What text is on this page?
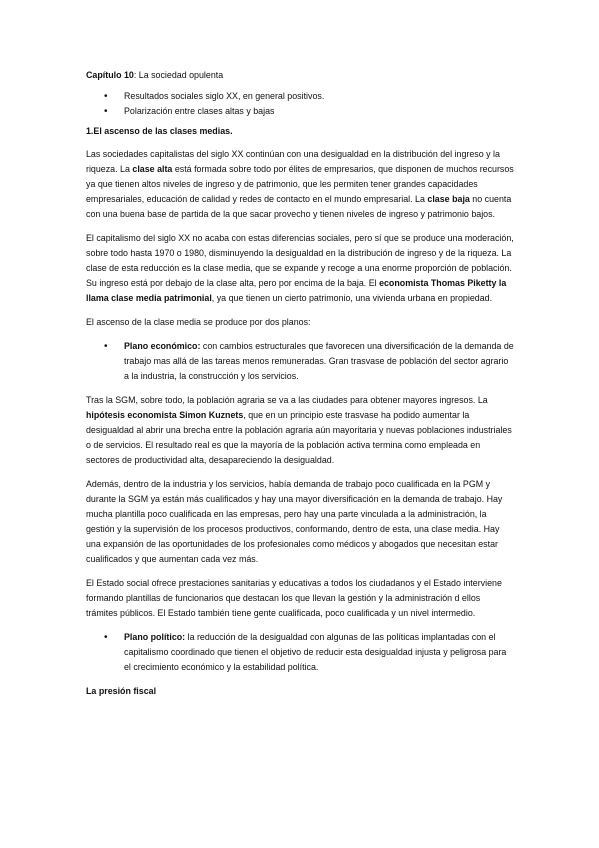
Capítulo 10: La sociedad opulenta

• Resultados sociales siglo XX, en general positivos.
• Polarización entre clases altas y bajas

1.El ascenso de las clases medias.

Las sociedades capitalistas del siglo XX continúan con una desigualdad en la distribución del ingreso y la riqueza. La clase alta está formada sobre todo por élites de empresarios, que disponen de muchos recursos ya que tienen altos niveles de ingreso y de patrimonio, que les permiten tener grandes capacidades empresariales, educación de calidad y redes de contacto en el mundo empresarial. La clase baja no cuenta con una buena base de partida de la que sacar provecho y tienen niveles de ingreso y patrimonio bajos.

El capitalismo del siglo XX no acaba con estas diferencias sociales, pero sí que se produce una moderación, sobre todo hasta 1970 o 1980, disminuyendo la desigualdad en la distribución de ingreso y de la riqueza. La clase de esta reducción es la clase media, que se expande y recoge a una enorme proporción de población. Su ingreso está por debajo de la clase alta, pero por encima de la baja. El economista Thomas Piketty la llama clase media patrimonial, ya que tienen un cierto patrimonio, una vivienda urbana en propiedad.

El ascenso de la clase media se produce por dos planos:

• Plano económico: con cambios estructurales que favorecen una diversificación de la demanda de trabajo mas allá de las tareas menos remuneradas. Gran trasvase de población del sector agrario a la industria, la construcción y los servicios.

Tras la SGM, sobre todo, la población agraria se va a las ciudades para obtener mayores ingresos. La hipótesis economista Simon Kuznets, que en un principio este trasvase ha podido aumentar la desigualdad al abrir una brecha entre la población agraria aún mayoritaria y nuevas poblaciones industriales o de servicios. El resultado real es que la mayoría de la población activa termina como empleada en sectores de productividad alta, desapareciendo la desigualdad.

Además, dentro de la industria y los servicios, había demanda de trabajo poco cualificada en la PGM y durante la SGM ya están más cualificados y hay una mayor diversificación en la demanda de trabajo. Hay mucha plantilla poco cualificada en las empresas, pero hay una parte vinculada a la administración, la gestión y la supervisión de los procesos productivos, conformando, dentro de esta, una clase media. Hay una expansión de las oportunidades de los profesionales como médicos y abogados que necesitan estar cualificados y que aumentan cada vez más.

El Estado social ofrece prestaciones sanitarias y educativas a todos los ciudadanos y el Estado interviene formando plantillas de funcionarios que destacan los que llevan la gestión y la administración d ellos trámites públicos. El Estado también tiene gente cualificada, poco cualificada y un nivel intermedio.

• Plano político: la reducción de la desigualdad con algunas de las políticas implantadas con el capitalismo coordinado que tienen el objetivo de reducir esta desigualdad injusta y peligrosa para el crecimiento económico y la estabilidad política.

La presión fiscal
